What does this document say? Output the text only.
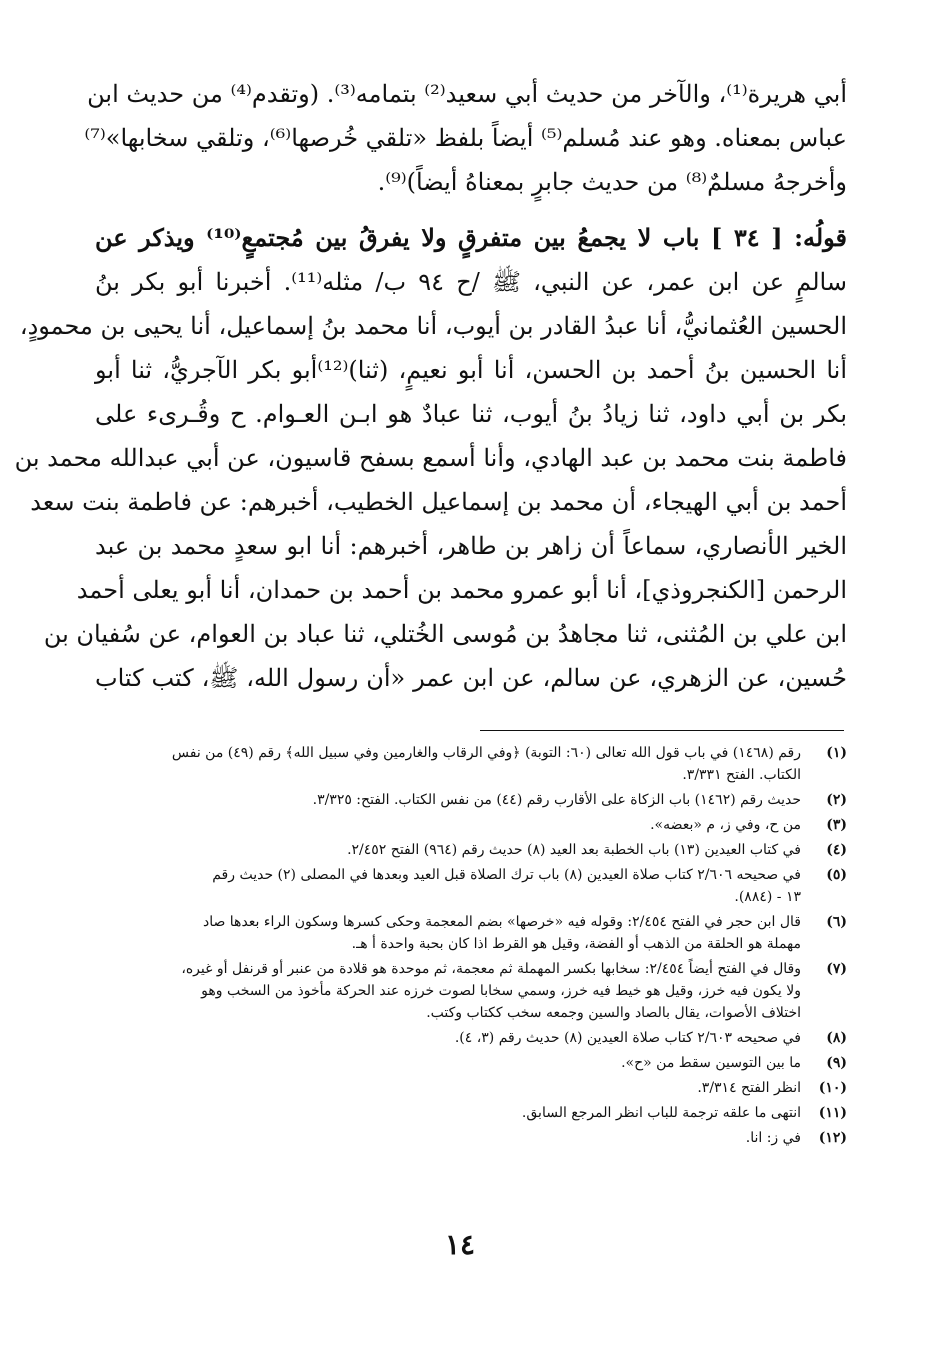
أبي هريرة⁽¹⁾، والآخر من حديث أبي سعيد⁽²⁾ بتمامه⁽³⁾. (وتقدم⁽⁴⁾ من حديث ابن
عباس بمعناه. وهو عند مُسلم⁽⁵⁾ أيضاً بلفظ «تلقي خُرصها⁽⁶⁾، وتلقي سخابها»⁽⁷⁾
وأخرجهُ مسلمٌ⁽⁸⁾ من حديث جابرٍ بمعناهُ أيضاً)⁽⁹⁾.
قولُه: [ ٣٤ ] باب لا يجمعُ بين متفرقٍ ولا يفرقُ بين مُجتمعٍ⁽¹⁰⁾ ويذكر عن
سالمٍ عن ابن عمر، عن النبي، ﷺ /ح ٩٤ ب/ مثله⁽¹¹⁾. أخبرنا أبو بكر بنُ
الحسين العُثمانيُّ، أنا عبدُ القادر بن أيوب، أنا محمد بنُ إسماعيل، أنا يحيى بن محمودٍ،
أنا الحسين بنُ أحمد بن الحسن، أنا أبو نعيمٍ، (ثنا)⁽¹²⁾أبو بكر الآجريُّ، ثنا أبو
بكر بن أبي داود، ثنا زيادُ بنُ أيوب، ثنا عبادٌ هو ابـن العـوام. ح وقُـرىء على
فاطمة بنت محمد بن عبد الهادي، وأنا أسمع بسفح قاسيون، عن أبي عبدالله محمد بن
أحمد بن أبي الهيجاء، أن محمد بن إسماعيل الخطيب، أخبرهم: عن فاطمة بنت سعد
الخير الأنصاري، سماعاً أن زاهر بن طاهر، أخبرهم: أنا ابو سعدٍ محمد بن عبد
الرحمن [الكنجروذي]، أنا أبو عمرو محمد بن أحمد بن حمدان، أنا أبو يعلى أحمد
ابن علي بن المُثنى، ثنا مجاهدُ بن مُوسى الخُتلي، ثنا عباد بن العوام، عن سُفيان بن
حُسين، عن الزهري، عن سالم، عن ابن عمر «أن رسول الله، ﷺ، كتب كتاب
(١)
رقم (١٤٦٨) في باب قول الله تعالى (٦٠: التوبة) ﴿وفي الرقاب والغارمين وفي سبيل الله﴾ رقم (٤٩) من نفس
الكتاب. الفتح ٣/٣٣١.
(٢)
حديث رقم (١٤٦٢) باب الزكاة على الأقارب رقم (٤٤) من نفس الكتاب. الفتح: ٣/٣٢٥.
(٣)
من ح، وفي ز، م «بعضه».
(٤)
في كتاب العيدين (١٣) باب الخطبة بعد العيد (٨) حديث رقم (٩٦٤) الفتح ٢/٤٥٢.
(٥)
في صحيحه ٢/٦٠٦ كتاب صلاة العيدين (٨) باب ترك الصلاة قبل العيد وبعدها في المصلى (٢) حديث رقم
١٣ - (٨٨٤).
(٦)
قال ابن حجر في الفتح ٢/٤٥٤: وقوله فيه «خرصها» بضم المعجمة وحكى كسرها وسكون الراء بعدها صاد
مهملة هو الحلقة من الذهب أو الفضة، وقيل هو القرط اذا كان بحبة واحدة أ هـ.
(٧)
وقال في الفتح أيضاً ٢/٤٥٤: سخابها بكسر المهملة ثم معجمة، ثم موحدة هو قلادة من عنبر أو قرنفل أو غيره،
ولا يكون فيه خرز، وقيل هو خيط فيه خرز، وسمي سخابا لصوت خرزه عند الحركة مأخوذ من السخب وهو
اختلاف الأصوات، يقال بالصاد والسين وجمعه سخب ككتاب وكتب.
(٨)
في صحيحه ٢/٦٠٣ كتاب صلاة العيدين (٨) حديث رقم (٣، ٤).
(٩)
ما بين التوسين سقط من «ح».
(١٠)
انظر الفتح ٣/٣١٤.
(١١)
انتهى ما علقه ترجمة للباب انظر المرجع السابق.
(١٢)
في ز: انا.
١٤
